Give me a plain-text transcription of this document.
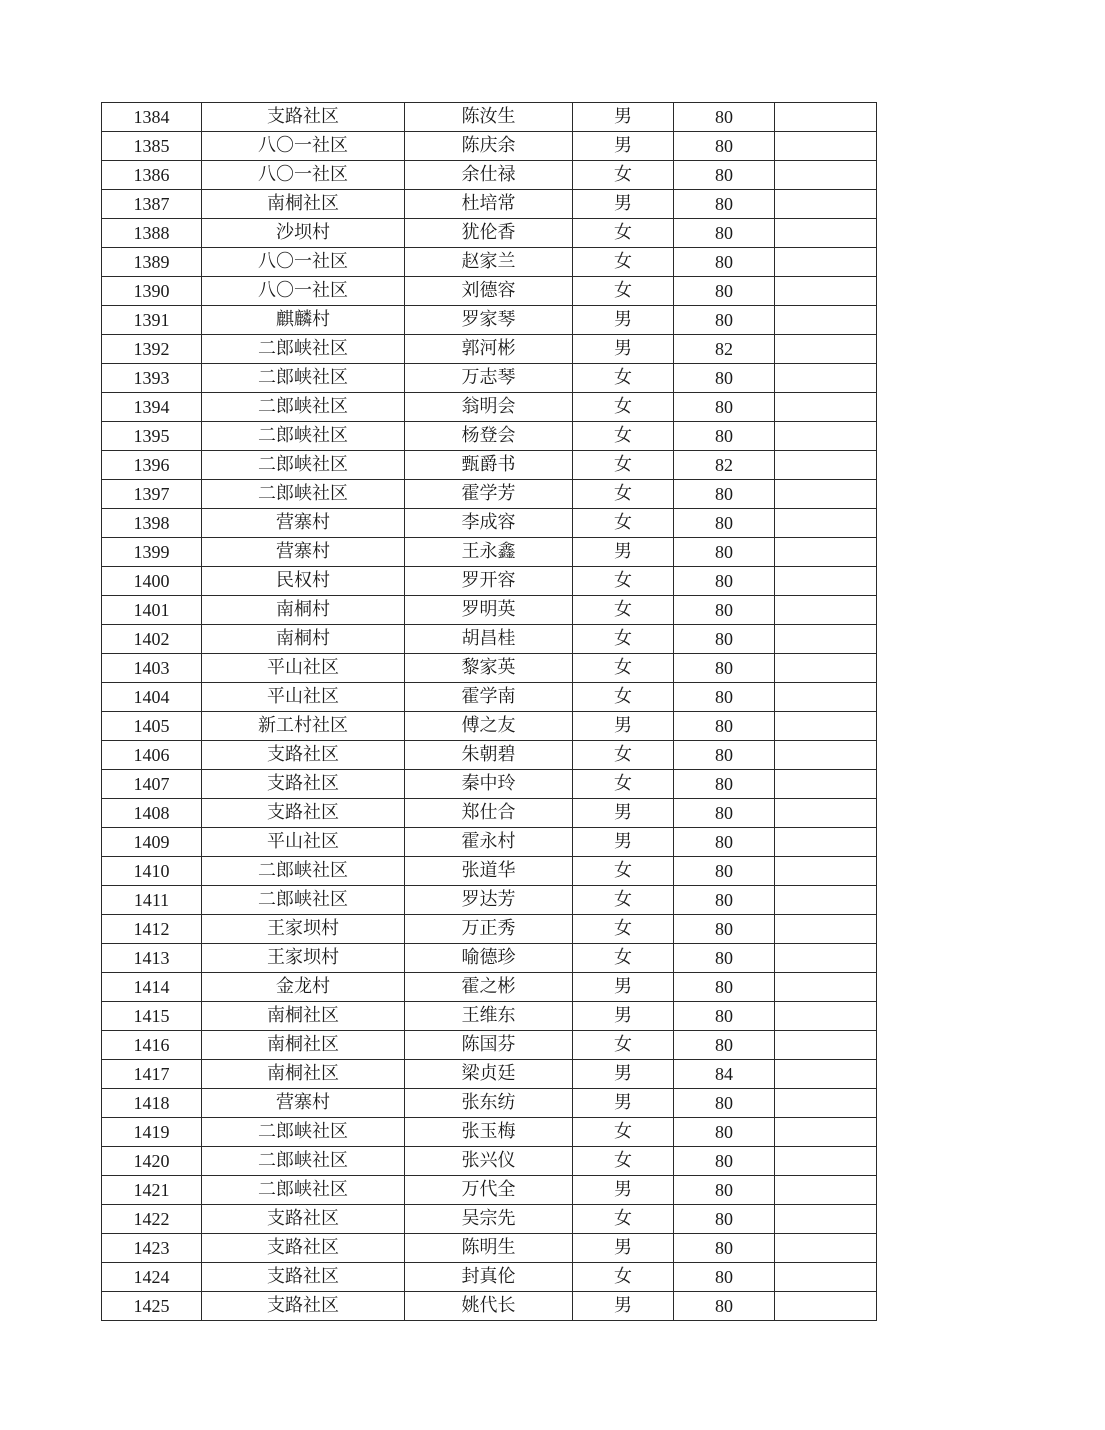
1384	支路社区	陈汝生	男	80	
1385	八〇一社区	陈庆余	男	80	
1386	八〇一社区	余仕禄	女	80	
1387	南桐社区	杜培常	男	80	
1388	沙坝村	犹伦香	女	80	
1389	八〇一社区	赵家兰	女	80	
1390	八〇一社区	刘德容	女	80	
1391	麒麟村	罗家琴	男	80	
1392	二郎峡社区	郭河彬	男	82	
1393	二郎峡社区	万志琴	女	80	
1394	二郎峡社区	翁明会	女	80	
1395	二郎峡社区	杨登会	女	80	
1396	二郎峡社区	甄爵书	女	82	
1397	二郎峡社区	霍学芳	女	80	
1398	营寨村	李成容	女	80	
1399	营寨村	王永鑫	男	80	
1400	民权村	罗开容	女	80	
1401	南桐村	罗明英	女	80	
1402	南桐村	胡昌桂	女	80	
1403	平山社区	黎家英	女	80	
1404	平山社区	霍学南	女	80	
1405	新工村社区	傅之友	男	80	
1406	支路社区	朱朝碧	女	80	
1407	支路社区	秦中玲	女	80	
1408	支路社区	郑仕合	男	80	
1409	平山社区	霍永村	男	80	
1410	二郎峡社区	张道华	女	80	
1411	二郎峡社区	罗达芳	女	80	
1412	王家坝村	万正秀	女	80	
1413	王家坝村	喻德珍	女	80	
1414	金龙村	霍之彬	男	80	
1415	南桐社区	王维东	男	80	
1416	南桐社区	陈国芬	女	80	
1417	南桐社区	梁贞廷	男	84	
1418	营寨村	张东纺	男	80	
1419	二郎峡社区	张玉梅	女	80	
1420	二郎峡社区	张兴仪	女	80	
1421	二郎峡社区	万代全	男	80	
1422	支路社区	吴宗先	女	80	
1423	支路社区	陈明生	男	80	
1424	支路社区	封真伦	女	80	
1425	支路社区	姚代长	男	80	
